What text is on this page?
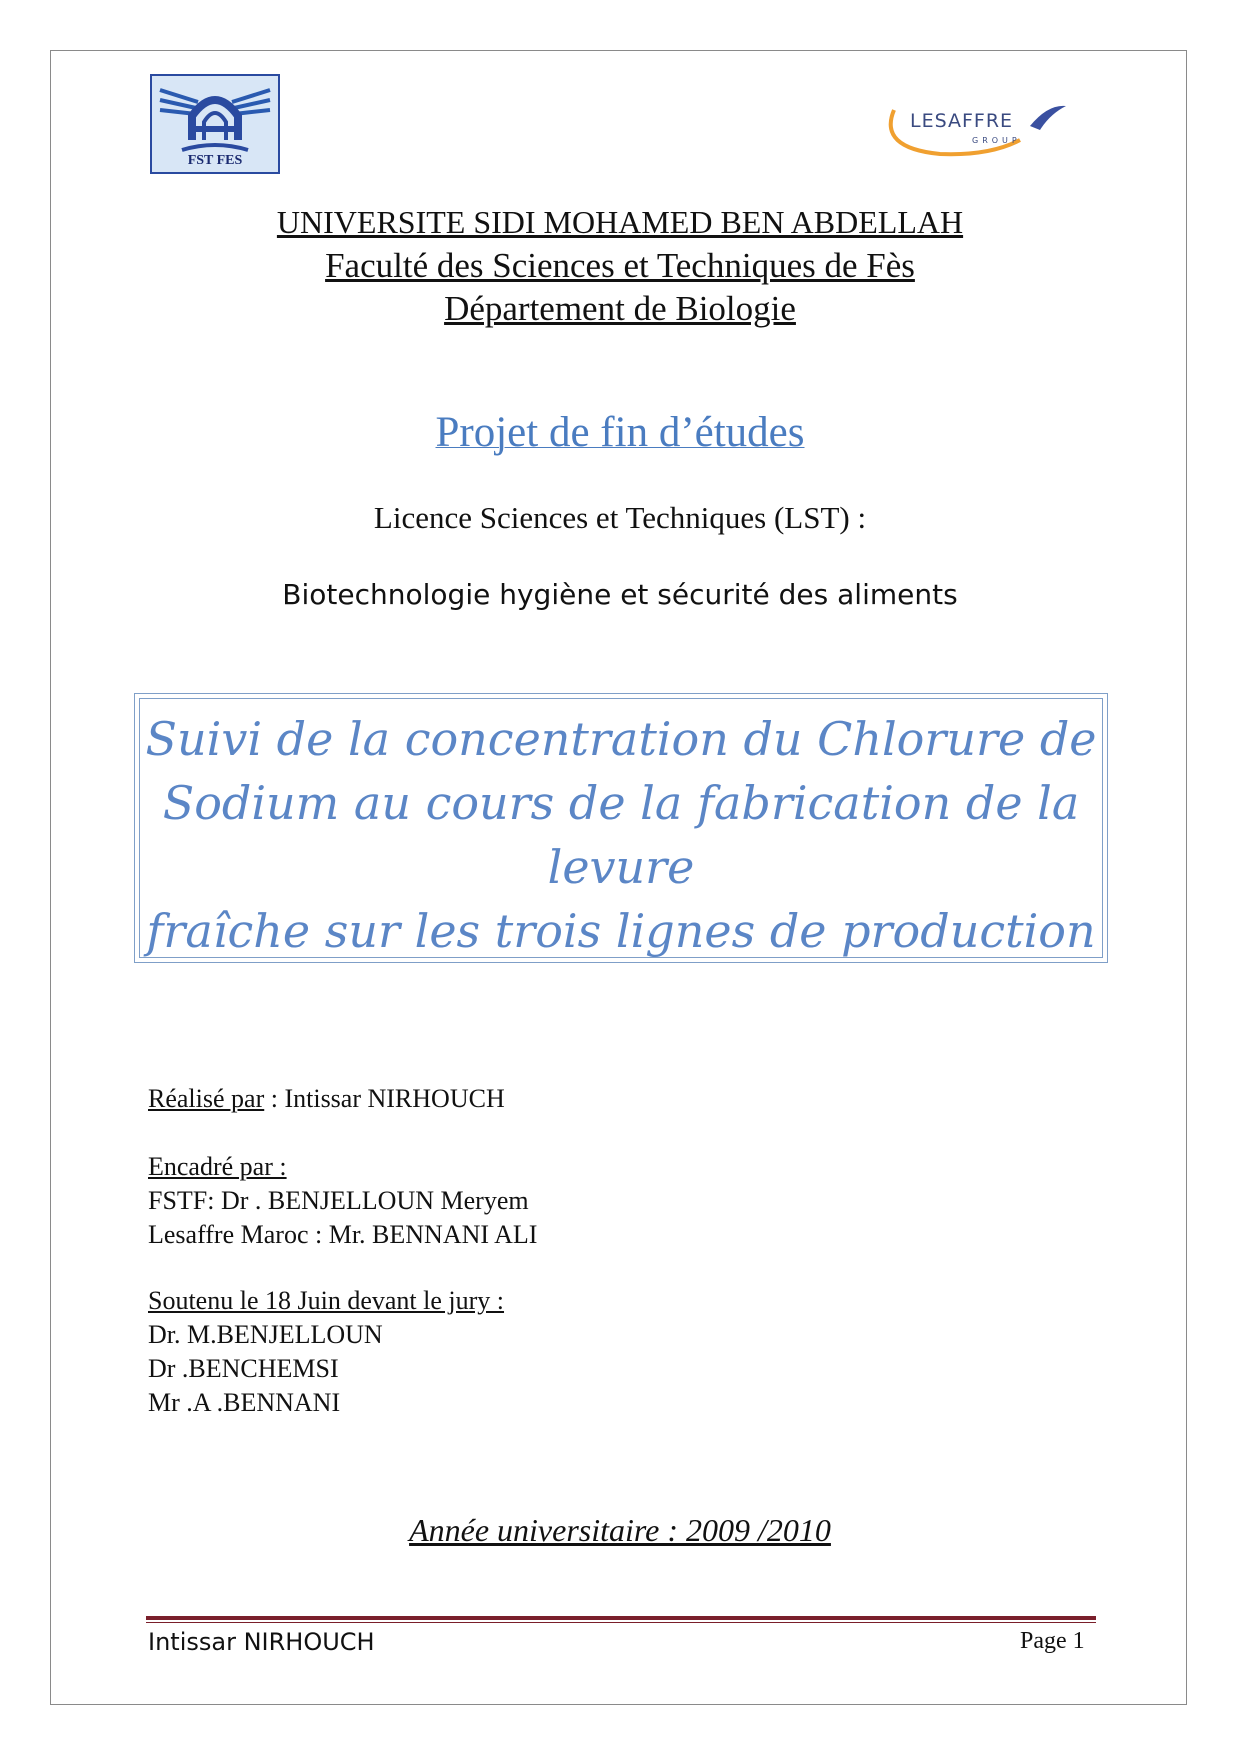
FST FES
LESAFFRE
GROUP
UNIVERSITE SIDI MOHAMED BEN ABDELLAH
Faculté des Sciences et Techniques de Fès
Département de Biologie
Projet de fin d’études
Licence Sciences et Techniques (LST) :
Biotechnologie hygiène et sécurité des aliments
Suivi de la concentration du Chlorure de
Sodium au cours de la fabrication de la levure
fraîche sur les trois lignes de production
Réalisé par : Intissar NIRHOUCH
Encadré par :
FSTF: Dr . BENJELLOUN Meryem
Lesaffre Maroc : Mr. BENNANI ALI
Soutenu le 18 Juin devant le jury :
Dr. M.BENJELLOUN
Dr .BENCHEMSI
Mr .A .BENNANI
Année universitaire : 2009 /2010
Intissar NIRHOUCH	Page 1
